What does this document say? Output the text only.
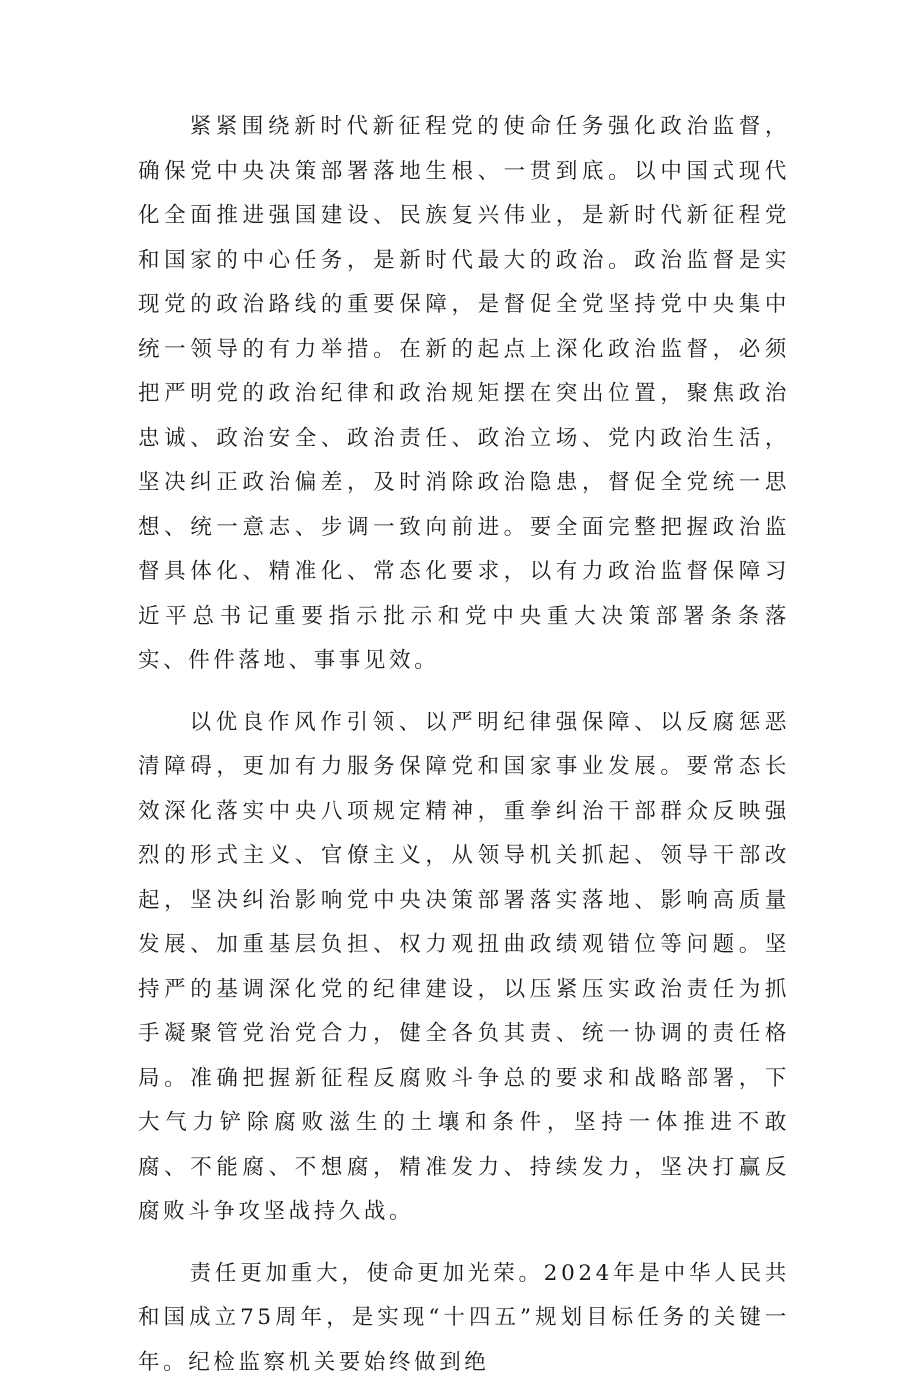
紧紧围绕新时代新征程党的使命任务强化政治监督，确保党中央决策部署落地生根、一贯到底。以中国式现代化全面推进强国建设、民族复兴伟业，是新时代新征程党和国家的中心任务，是新时代最大的政治。政治监督是实现党的政治路线的重要保障，是督促全党坚持党中央集中统一领导的有力举措。在新的起点上深化政治监督，必须把严明党的政治纪律和政治规矩摆在突出位置，聚焦政治忠诚、政治安全、政治责任、政治立场、党内政治生活，坚决纠正政治偏差，及时消除政治隐患，督促全党统一思想、统一意志、步调一致向前进。要全面完整把握政治监督具体化、精准化、常态化要求，以有力政治监督保障习近平总书记重要指示批示和党中央重大决策部署条条落实、件件落地、事事见效。

以优良作风作引领、以严明纪律强保障、以反腐惩恶清障碍，更加有力服务保障党和国家事业发展。要常态长效深化落实中央八项规定精神，重拳纠治干部群众反映强烈的形式主义、官僚主义，从领导机关抓起、领导干部改起，坚决纠治影响党中央决策部署落实落地、影响高质量发展、加重基层负担、权力观扭曲政绩观错位等问题。坚持严的基调深化党的纪律建设，以压紧压实政治责任为抓手凝聚管党治党合力，健全各负其责、统一协调的责任格局。准确把握新征程反腐败斗争总的要求和战略部署，下大气力铲除腐败滋生的土壤和条件，坚持一体推进不敢腐、不能腐、不想腐，精准发力、持续发力，坚决打赢反腐败斗争攻坚战持久战。

责任更加重大，使命更加光荣。2024年是中华人民共和国成立75周年，是实现“十四五”规划目标任务的关键一年。纪检监察机关要始终做到绝
